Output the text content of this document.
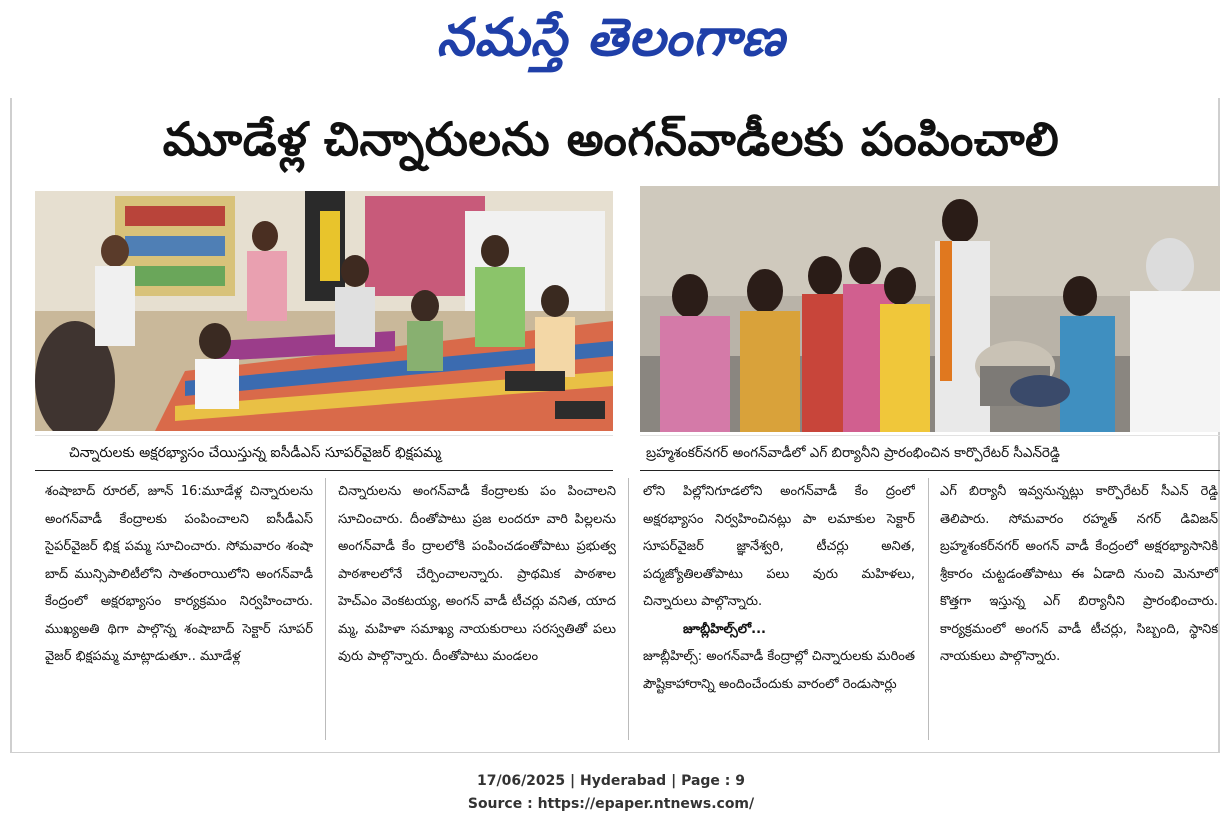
నమస్తే తెలంగాణ
మూడేళ్ల చిన్నారులను అంగన్‌వాడీలకు పంపించాలి
చిన్నారులకు అక్షరభ్యాసం చేయిస్తున్న ఐసీడీఎస్ సూపర్‌వైజర్ భిక్షపమ్మ	బ్రహ్మశంకర్‌నగర్ అంగన్‌వాడీలో ఎగ్ బిర్యానీని ప్రారంభించిన కార్పొరేటర్ సీఎన్‌రెడ్డి

శంషాబాద్ రూరల్, జూన్ 16:మూడేళ్ల చిన్నారులను అంగన్‌వాడీ కేంద్రాలకు పంపించాలని ఐసీడీఎస్ సైపర్‌వైజర్ భిక్ష పమ్మ సూచించారు. సోమవారం శంషా బాద్ మున్సిపాలిటీలోని సాతంరాయిలోని అంగన్‌వాడీ కేంద్రంలో అక్షరభ్యాసం కార్యక్రమం నిర్వహించారు. ముఖ్యఅతి థిగా పాల్గొన్న శంషాబాద్ సెక్టార్ సూపర్ వైజర్ భిక్షపమ్మ మాట్లాడుతూ.. మూడేళ్ల

చిన్నారులను అంగన్‌వాడీ కేంద్రాలకు పం పించాలని సూచించారు. దీంతోపాటు ప్రజ లందరూ వారి పిల్లలను అంగన్‌వాడీ కేం ద్రాలలోకి పంపించడంతోపాటు ప్రభుత్వ పాఠశాలలోనే చేర్పించాలన్నారు. ప్రాథమిక పాఠశాల హెచ్‌ఎం వెంకటయ్య, అంగన్ వాడీ టీచర్లు వనిత, యాద మ్మ, మహిళా సమాఖ్య నాయకురాలు సరస్వతితో పలు వురు పాల్గొన్నారు. దీంతోపాటు మండలం

లోని పిల్లోనిగూడలోని అంగన్‌వాడీ కేం ద్రంలో అక్షరభ్యాసం నిర్వహించినట్లు పా లమాకుల సెక్టార్ సూపర్‌వైజర్ జ్ఞానేశ్వరి, టీచర్లు అనిత, పద్మజ్యోతిలతోపాటు పలు వురు మహిళలు, చిన్నారులు పాల్గొన్నారు.

జూబ్లీహిల్స్‌లో...

జూబ్లీహిల్స్: అంగన్‌వాడీ కేంద్రాల్లో చిన్నారులకు మరింత పౌష్టికాహారాన్ని అందించేందుకు వారంలో రెండుసార్లు

ఎగ్ బిర్యానీ ఇవ్వనున్నట్లు కార్పొరేటర్ సీఎన్ రెడ్డి తెలిపారు. సోమవారం రహ్మత్ నగర్ డివిజన్ బ్రహ్మశంకర్‌నగర్ అంగన్ వాడీ కేంద్రంలో అక్షరభ్యాసానికి శ్రీకారం చుట్టడంతోపాటు ఈ ఏడాది నుంచి మెనూలో కొత్తగా ఇస్తున్న ఎగ్ బిర్యానీని ప్రారంభించారు. కార్యక్రమంలో అంగన్ వాడీ టీచర్లు, సిబ్బంది, స్థానిక నాయకులు పాల్గొన్నారు.

17/06/2025 | Hyderabad | Page : 9
Source : https://epaper.ntnews.com/
